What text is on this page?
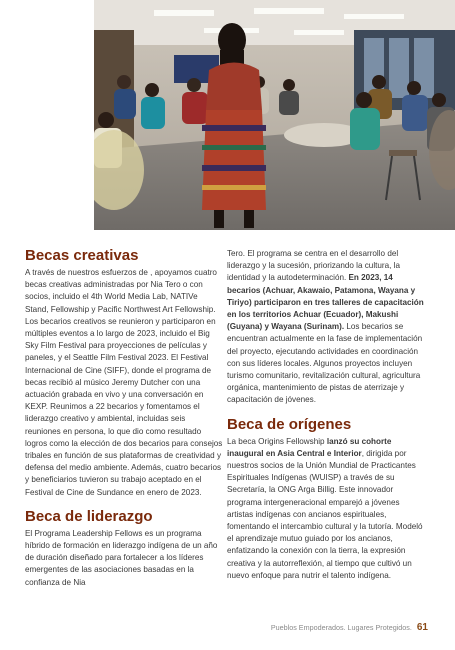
Becas creativas

A través de nuestros esfuerzos de , apoyamos cuatro becas creativas administradas por Nia Tero o con socios, incluido el 4th World Media Lab, NATIVe Stand, Fellowship y Pacific Northwest Art Fellowship. Los becarios creativos se reunieron y participaron en múltiples eventos a lo largo de 2023, incluido el Big Sky Film Festival para proyecciones de películas y paneles, y el Seattle Film Festival 2023. El Festival Internacional de Cine (SIFF), donde el programa de becas recibió al músico Jeremy Dutcher con una actuación grabada en vivo y una conversación en KEXP. Reunimos a 22 becarios y fomentamos el liderazgo creativo y ambiental, incluidas seis reuniones en persona, lo que dio como resultado logros como la elección de dos becarios para consejos tribales en función de sus plataformas de creatividad y defensa del medio ambiente. Además, cuatro becarios y beneficiarios tuvieron su trabajo aceptado en el Festival de Cine de Sundance en enero de 2023.

Beca de liderazgo

El Programa Leadership Fellows es un programa híbrido de formación en liderazgo indígena de un año de duración diseñado para fortalecer a los líderes emergentes de las asociaciones basadas en la confianza de Nia

Tero. El programa se centra en el desarrollo del liderazgo y la sucesión, priorizando la cultura, la identidad y la autodeterminación. En 2023, 14 becarios (Achuar, Akawaio, Patamona, Wayana y Tiriyo) participaron en tres talleres de capacitación en los territorios Achuar (Ecuador), Makushi (Guyana) y Wayana (Surinam). Los becarios se encuentran actualmente en la fase de implementación del proyecto, ejecutando actividades en coordinación con sus líderes locales. Algunos proyectos incluyen turismo comunitario, revitalización cultural, agricultura orgánica, mantenimiento de pistas de aterrizaje y capacitación de jóvenes.

Beca de orígenes

La beca Origins Fellowship lanzó su cohorte inaugural en Asia Central e Interior, dirigida por nuestros socios de la Unión Mundial de Practicantes Espirituales Indígenas (WUISP) a través de su Secretaría, la ONG Arga Billig. Este innovador programa intergeneracional emparejó a jóvenes artistas indígenas con ancianos espirituales, fomentando el intercambio cultural y la tutoría. Modeló el aprendizaje mutuo guiado por los ancianos, enfatizando la conexión con la tierra, la expresión creativa y la autorreflexión, al tiempo que cultivó un nuevo enfoque para nutrir el talento indígena.

Pueblos Empoderados. Lugares Protegidos. 61
